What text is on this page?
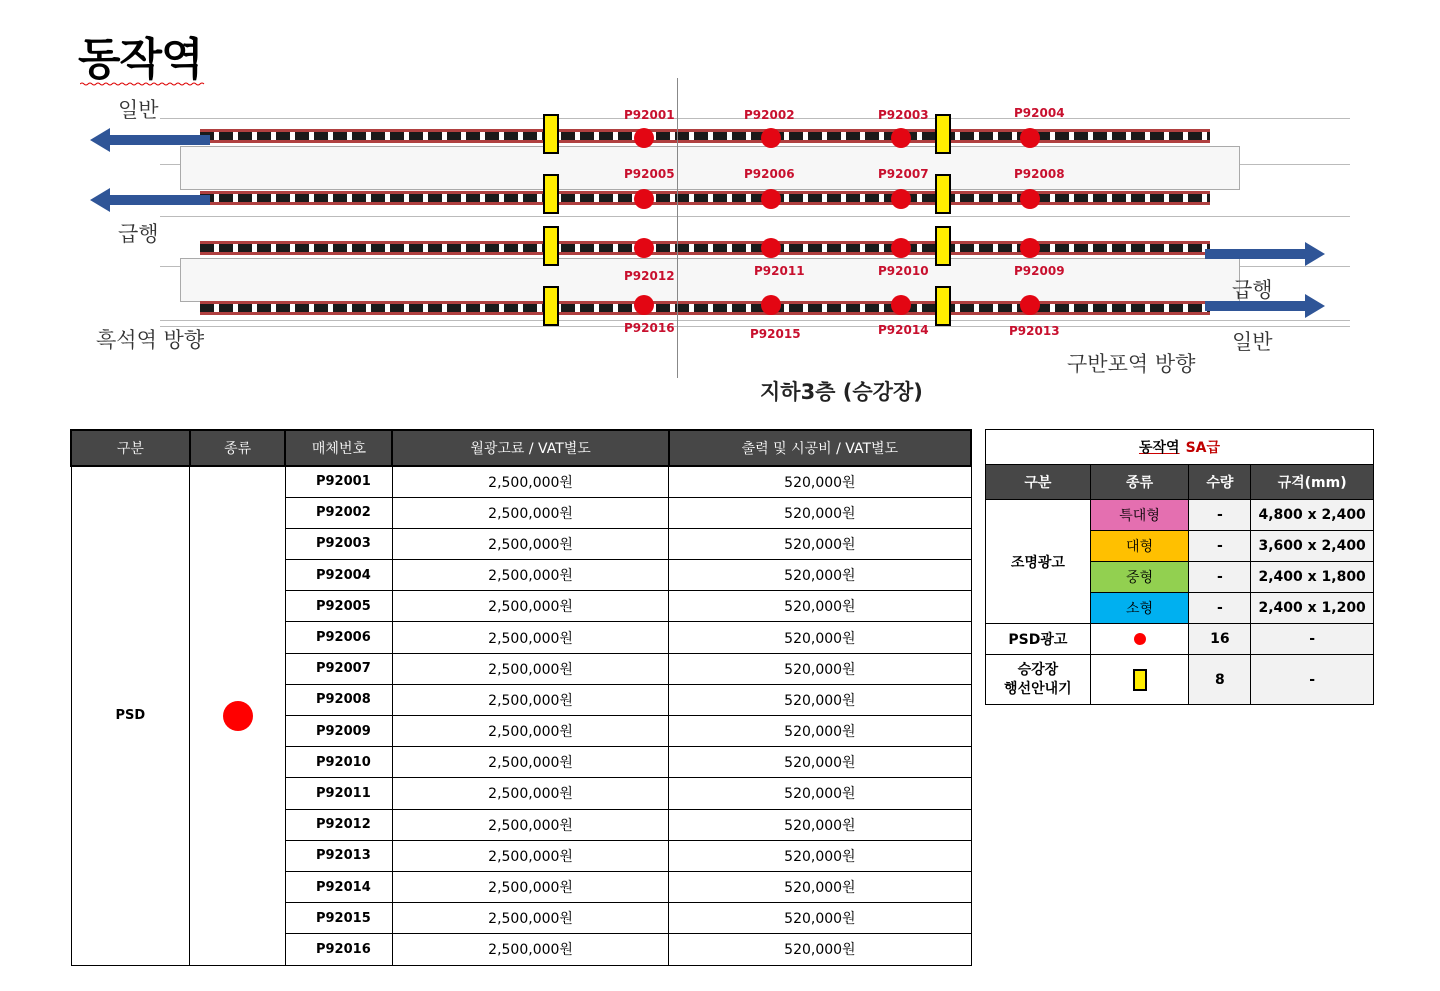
동작역
일반
급행
흑석역 방향
급행
일반
구반포역 방향
지하3층 (승강장)
P92001	P92002	P92003	P92004
P92005	P92006	P92007	P92008
P92009
P92010
P92011
P92012
P92013
P92014
P92015
P92016
구분	종류	매체번호	월광고료 / VAT별도	출력 및 시공비 / VAT별도
PSD		P92001	2,500,000원	520,000원
		P92002	2,500,000원	520,000원
		P92003	2,500,000원	520,000원
		P92004	2,500,000원	520,000원
		P92005	2,500,000원	520,000원
		P92006	2,500,000원	520,000원
		P92007	2,500,000원	520,000원
		P92008	2,500,000원	520,000원
		P92009	2,500,000원	520,000원
		P92010	2,500,000원	520,000원
		P92011	2,500,000원	520,000원
		P92012	2,500,000원	520,000원
		P92013	2,500,000원	520,000원
		P92014	2,500,000원	520,000원
		P92015	2,500,000원	520,000원
		P92016	2,500,000원	520,000원
동작역 SA급			
구분	종류	수량	규격(mm)
조명광고	특대형	-	4,800 x 2,400
	대형	-	3,600 x 2,400
	중형	-	2,400 x 1,800
	소형	-	2,400 x 1,200
PSD광고		16	-
승강장
행선안내기		8	-
